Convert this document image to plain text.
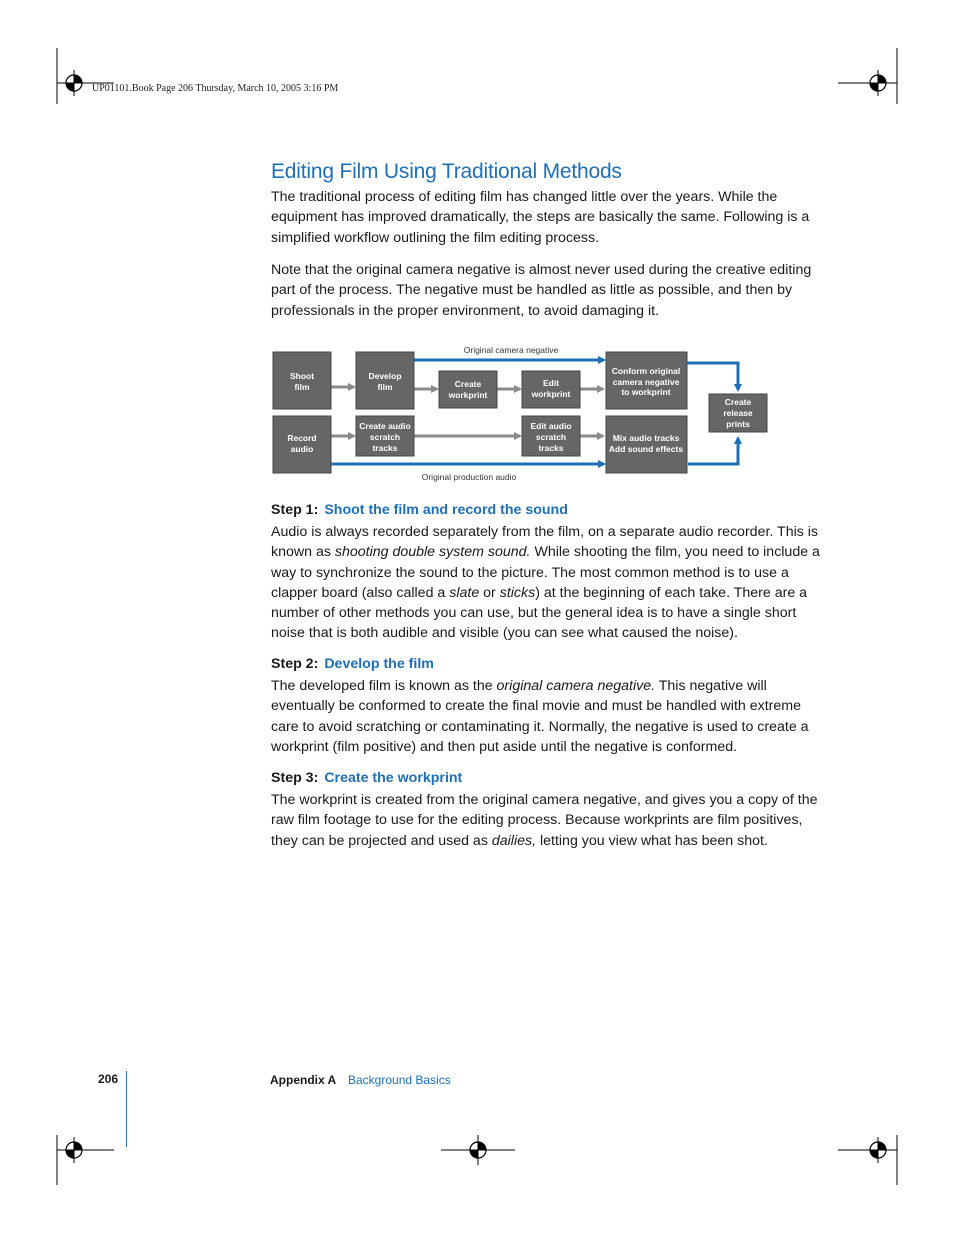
UP01101.Book Page 206 Thursday, March 10, 2005 3:16 PM
Editing Film Using Traditional Methods

The traditional process of editing film has changed little over the years. While the equipment has improved dramatically, the steps are basically the same. Following is a simplified workflow outlining the film editing process.

Note that the original camera negative is almost never used during the creative editing part of the process. The negative must be handled as little as possible, and then by professionals in the proper environment, to avoid damaging it.

Original camera negative
Original production audio
Shoot
film
Develop
film	Create
workprint
Edit
workprint
Conform original
camera negative
to workprint
Record
audio
Create audio
scratch
tracks
Edit audio
scratch
tracks
Mix audio tracks
Add sound effects
Create
release
prints
Step 1: Shoot the film and record the sound

Audio is always recorded separately from the film, on a separate audio recorder. This is known as shooting double system sound. While shooting the film, you need to include a way to synchronize the sound to the picture. The most common method is to use a clapper board (also called a slate or sticks) at the beginning of each take. There are a number of other methods you can use, but the general idea is to have a single short noise that is both audible and visible (you can see what caused the noise).

Step 2: Develop the film

The developed film is known as the original camera negative. This negative will eventually be conformed to create the final movie and must be handled with extreme care to avoid scratching or contaminating it. Normally, the negative is used to create a workprint (film positive) and then put aside until the negative is conformed.

Step 3: Create the workprint

The workprint is created from the original camera negative, and gives you a copy of the raw film footage to use for the editing process. Because workprints are film positives, they can be projected and used as dailies, letting you view what has been shot.

206	Appendix A Background Basics
